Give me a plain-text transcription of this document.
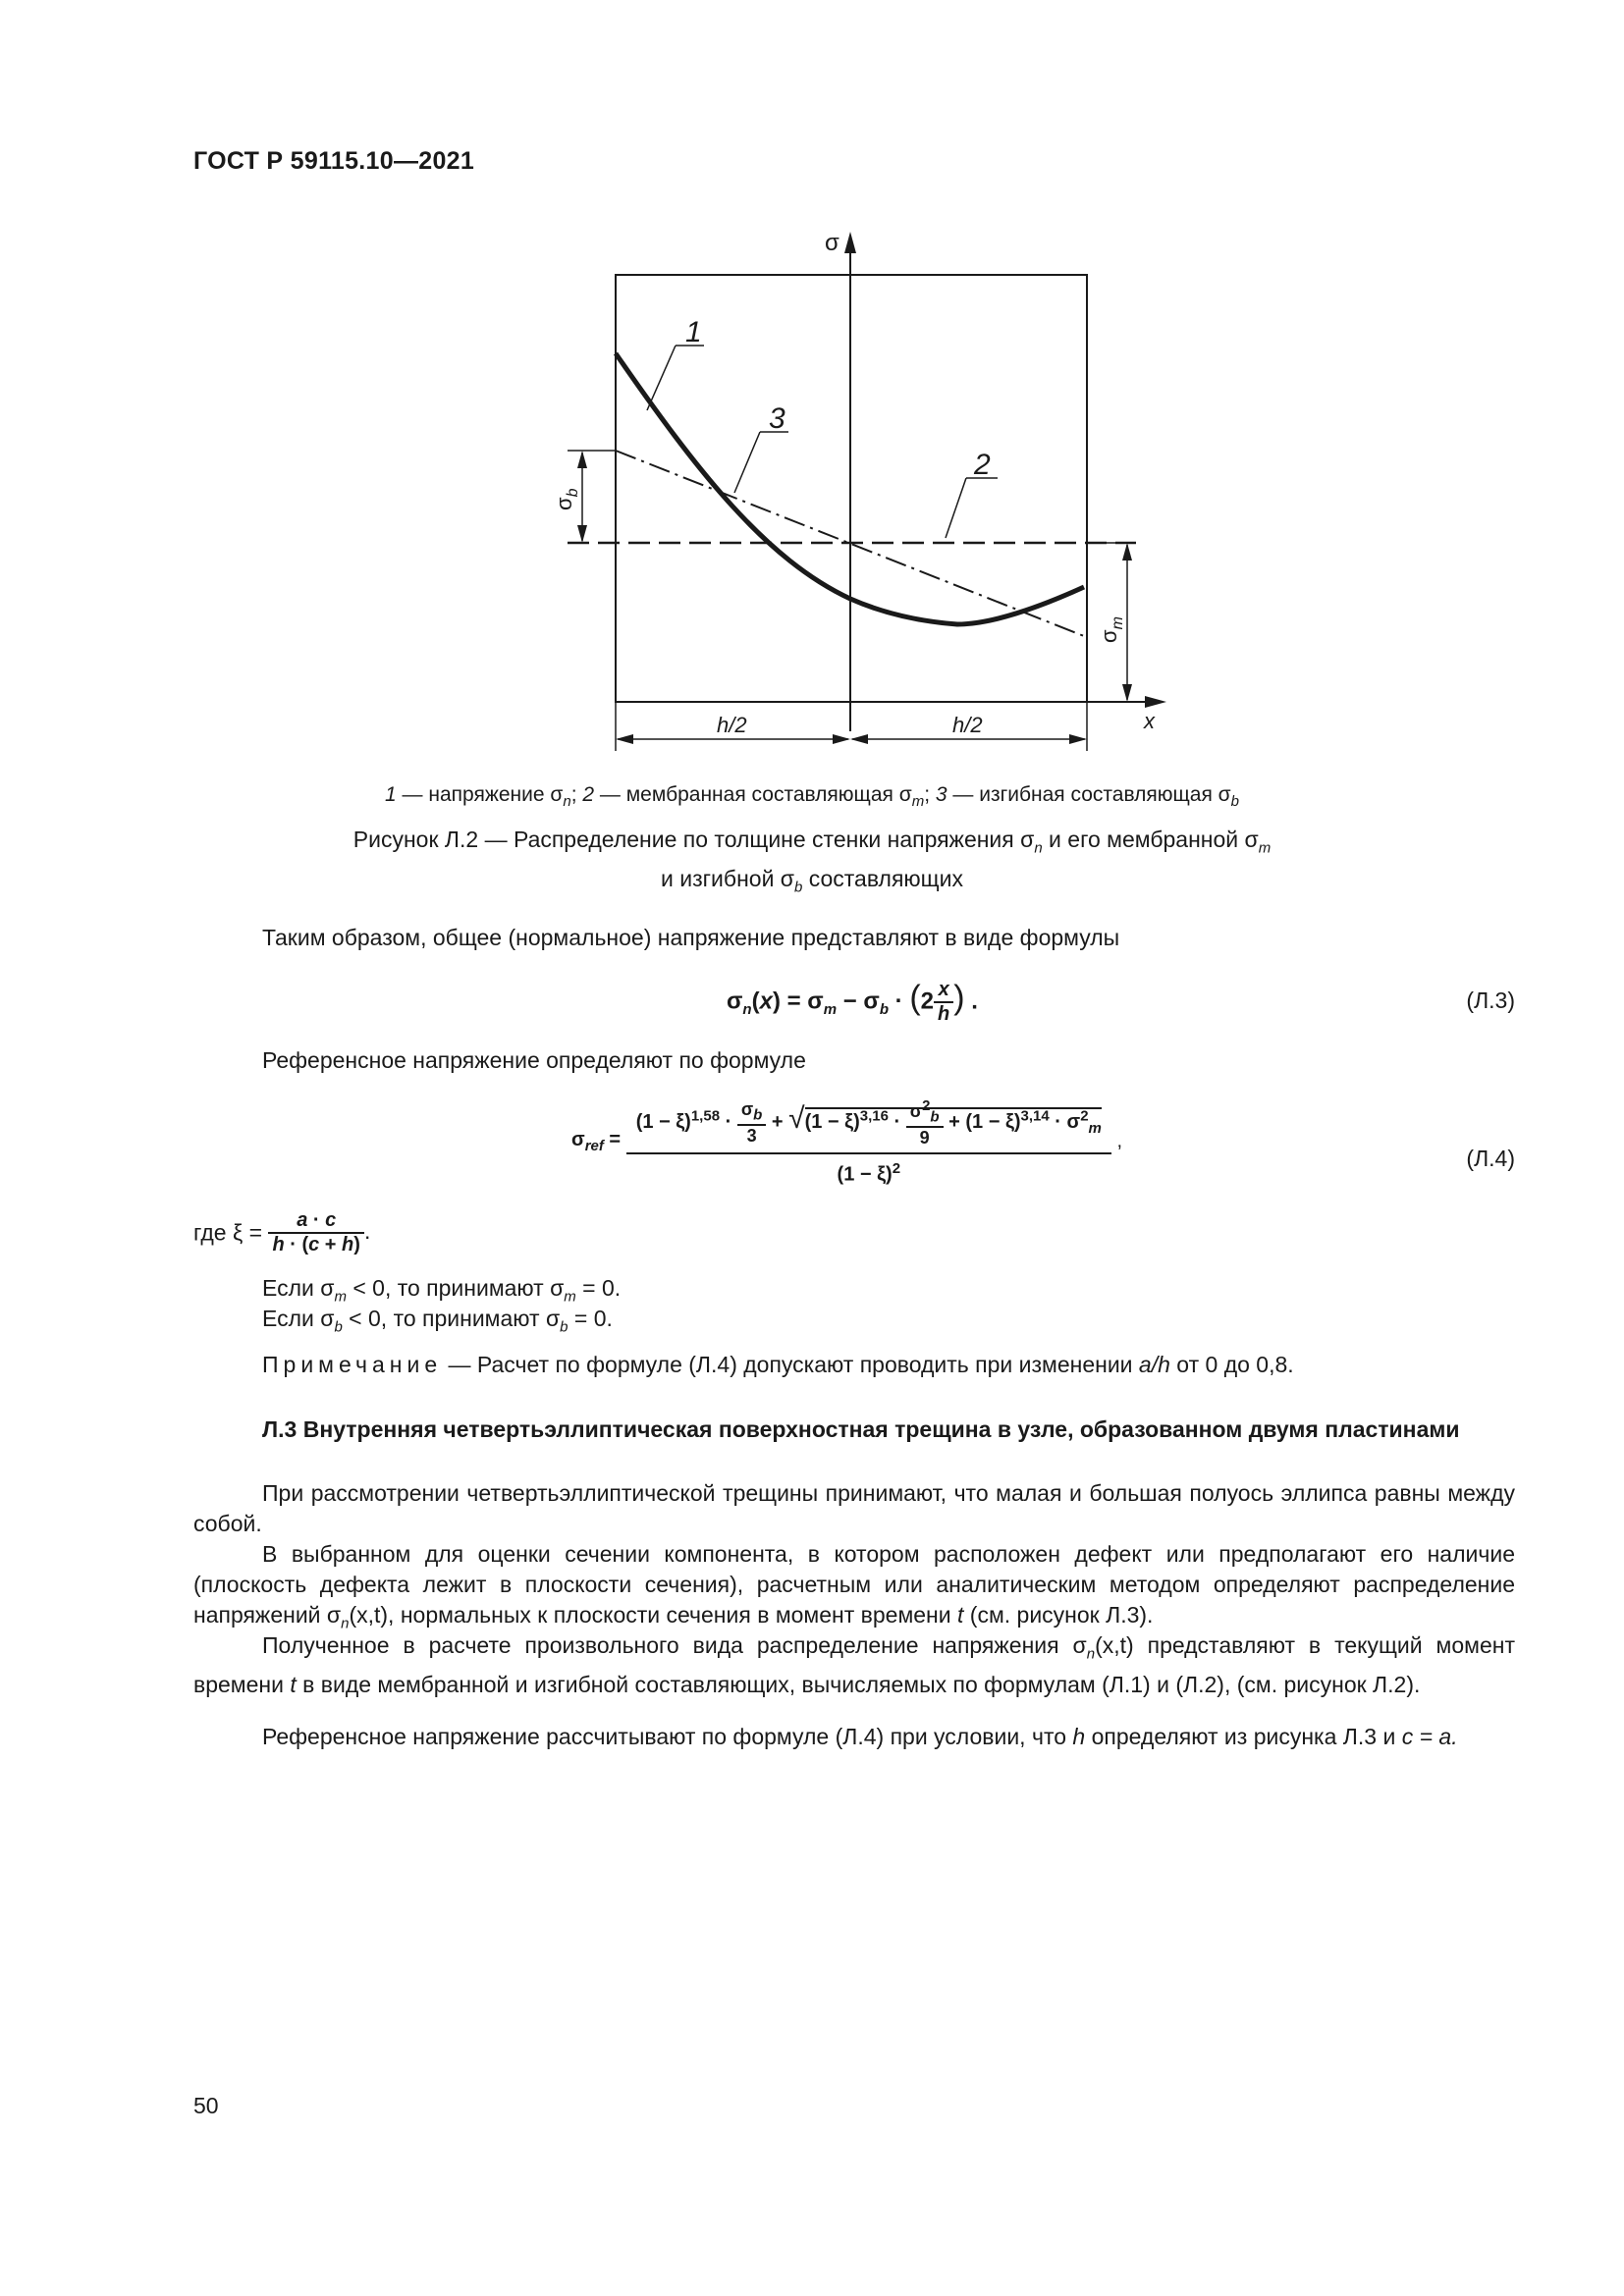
ГОСТ Р 59115.10—2021
σ
x
$\sigma_b$
$\sigma_m$
h/2	h/2
1
3
2
1 — напряжение $\sigma_n$; 2 — мембранная составляющая $\sigma_m$; 3 — изгибная составляющая $\sigma_b$
Рисунок Л.2 — Распределение по толщине стенки напряжения $\sigma_n$ и его мембранной $\sigma_m$
и изгибной $\sigma_b$ составляющих
Таким образом, общее (нормальное) напряжение представляют в виде формулы
$\sigma_n(x) = \sigma_m - \sigma_b \cdot (2 \frac{x}{h}$ ) .	(Л.3)
Референсное напряжение определяют по формуле
$\sigma_{ref} = \frac{(1 - \xi)^{1,58} \cdot \frac{\sigma_b}{3} + √(1 - \xi)^{3,16} \cdot \frac{\sigma^2_b}{9} + (1 - \xi)^{3,14} \cdot \sigma^2_m}{(1 - \xi)^2}$ ,
(Л.4)
где $\xi = \frac{a \cdot c}{h \cdot (c + h)}$ .
Если $\sigma_m < 0$, то принимают $\sigma_m = 0$.
Если $\sigma_b < 0$, то принимают $\sigma_b = 0$.
Примечание — Расчет по формуле (Л.4) допускают проводить при изменении a/h от 0 до 0,8.
Л.3 Внутренняя четвертьэллиптическая поверхностная трещина в узле, образованном двумя пластинами
При рассмотрении четвертьэллиптической трещины принимают, что малая и большая полуось эллипса равны между собой.
В выбранном для оценки сечении компонента, в котором расположен дефект или предполагают его наличие (плоскость дефекта лежит в плоскости сечения), расчетным или аналитическим методом определяют распределение напряжений $\sigma_n(x,t)$, нормальных к плоскости сечения в момент времени t (см. рисунок Л.3).
Полученное в расчете произвольного вида распределение напряжения $\sigma_n(x,t)$ представляют в текущий момент времени t в виде мембранной и изгибной составляющих, вычисляемых по формулам (Л.1) и (Л.2), (см. рисунок Л.2).
Референсное напряжение рассчитывают по формуле (Л.4) при условии, что h определяют из рисунка Л.3 и c = a.
50
